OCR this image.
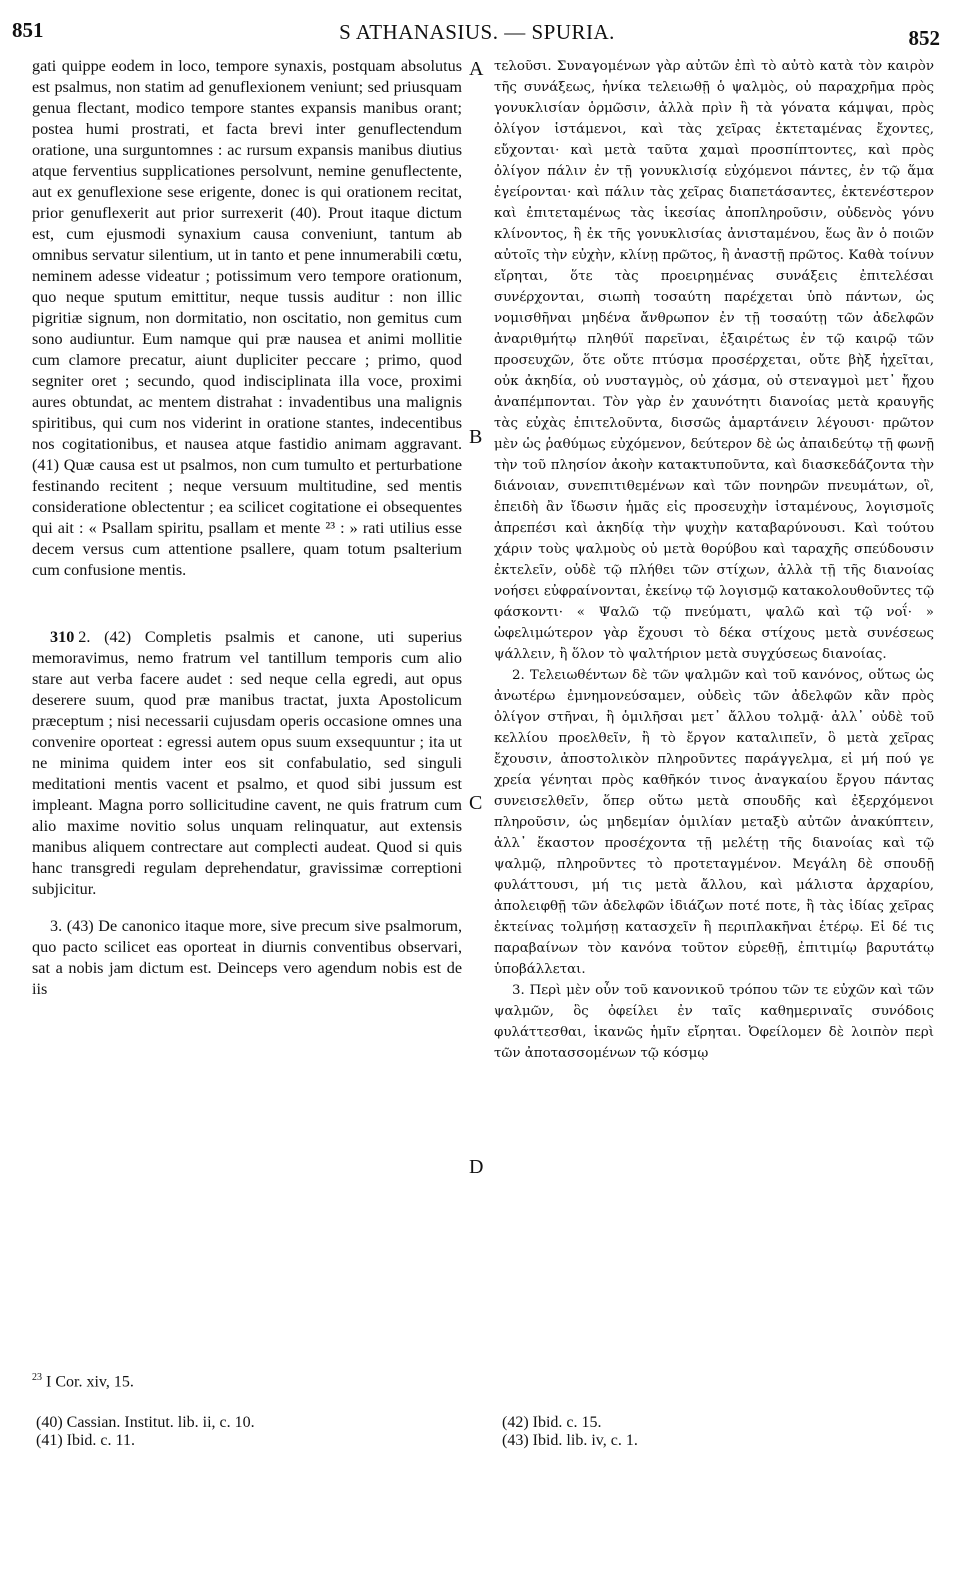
851	S ATHANASIUS. — SPURIA.	852
A
B
C
D

gati quippe eodem in loco, tempore synaxis, postquam absolutus est psalmus, non statim ad genuflexionem veniunt; sed priusquam genua flectant, modico tempore stantes expansis manibus orant; postea humi prostrati, et facta brevi inter genuflectendum oratione, una surguntomnes : ac rursum expansis manibus diutius atque ferventius supplicationes persolvunt, nemine genuflectente, aut ex genuflexione sese erigente, donec is qui orationem recitat, prior genuflexerit aut prior surrexerit (40). Prout itaque dictum est, cum ejusmodi synaxium causa conveniunt, tantum ab omnibus servatur silentium, ut in tanto et pene innumerabili cœtu, neminem adesse videatur ; potissimum vero tempore orationum, quo neque sputum emittitur, neque tussis auditur : non illic pigritiæ signum, non dormitatio, non oscitatio, non gemitus cum sono audiuntur. Eum namque qui præ nausea et animi mollitie cum clamore precatur, aiunt dupliciter peccare ; primo, quod segniter oret ; secundo, quod indisciplinata illa voce, proximi aures obtundat, ac mentem distrahat : invadentibus una malignis spiritibus, qui cum nos viderint in oratione stantes, indecentibus nos cogitationibus, et nausea atque fastidio animam aggravant. (41) Quæ causa est ut psalmos, non cum tumulto et perturbatione festinando recitent ; neque versuum multitudine, sed mentis consideratione oblectentur ; ea scilicet cogitatione ei obsequentes qui ait : « Psallam spiritu, psallam et mente ²³ : » rati utilius esse decem versus cum attentione psallere, quam totum psalterium cum confusione mentis.

310 2. (42) Completis psalmis et canone, uti superius memoravimus, nemo fratrum vel tantillum temporis cum alio stare aut verba facere audet : sed neque cella egredi, aut opus deserere suum, quod præ manibus tractat, juxta Apostolicum præceptum ; nisi necessarii cujusdam operis occasione omnes una convenire oporteat : egressi autem opus suum exsequuntur ; ita ut ne minima quidem inter eos sit confabulatio, sed singuli meditationi mentis vacent et psalmo, et quod sibi jussum est impleant. Magna porro sollicitudine cavent, ne quis fratrum cum alio maxime novitio solus unquam relinquatur, aut extensis manibus aliquem contrectare aut complecti audeat. Quod si quis hanc transgredi regulam deprehendatur, gravissimæ correptioni subjicitur.

3. (43) De canonico itaque more, sive precum sive psalmorum, quo pacto scilicet eas oporteat in diurnis conventibus observari, sat a nobis jam dictum est. Deinceps vero agendum nobis est de iis

τελοῦσι. Συναγομένων γὰρ αὐτῶν ἐπὶ τὸ αὐτὸ κατὰ τὸν καιρὸν τῆς συνάξεως, ἡνίκα τελειωθῇ ὁ ψαλμὸς, οὐ παραχρῆμα πρὸς γονυκλισίαν ὁρμῶσιν, ἀλλὰ πρὶν ἢ τὰ γόνατα κάμψαι, πρὸς ὀλίγον ἱστάμενοι, καὶ τὰς χεῖρας ἐκτεταμένας ἔχοντες, εὔχονται· καὶ μετὰ ταῦτα χαμαὶ προσπίπτοντες, καὶ πρὸς ὀλίγον πάλιν ἐν τῇ γονυκλισίᾳ εὐχόμενοι πάντες, ἐν τῷ ἅμα ἐγείρονται· καὶ πάλιν τὰς χεῖρας διαπετάσαντες, ἐκτενέστερον καὶ ἐπιτεταμένως τὰς ἱκεσίας ἀποπληροῦσιν, οὐδενὸς γόνυ κλίνοντος, ἢ ἐκ τῆς γονυκλισίας ἀνισταμένου, ἕως ἂν ὁ ποιῶν αὐτοῖς τὴν εὐχὴν, κλίνῃ πρῶτος, ἢ ἀναστῇ πρῶτος. Καθὰ τοίνυν εἴρηται, ὅτε τὰς προειρημένας συνάξεις ἐπιτελέσαι συνέρχονται, σιωπὴ τοσαύτη παρέχεται ὑπὸ πάντων, ὡς νομισθῆναι μηδένα ἄνθρωπον ἐν τῇ τοσαύτῃ τῶν ἀδελφῶν ἀναριθμήτῳ πληθύϊ παρεῖναι, ἐξαιρέτως ἐν τῷ καιρῷ τῶν προσευχῶν, ὅτε οὔτε πτύσμα προσέρχεται, οὔτε βὴξ ἠχεῖται, οὐκ ἀκηδία, οὐ νυσταγμὸς, οὐ χάσμα, οὐ στεναγμοὶ μετ᾽ ἤχου ἀναπέμπονται. Τὸν γὰρ ἐν χαυνότητι διανοίας μετὰ κραυγῆς τὰς εὐχὰς ἐπιτελοῦντα, δισσῶς ἁμαρτάνειν λέγουσι· πρῶτον μὲν ὡς ῥαθύμως εὐχόμενον, δεύτερον δὲ ὡς ἀπαιδεύτῳ τῇ φωνῇ τὴν τοῦ πλησίον ἀκοὴν κατακτυποῦντα, καὶ διασκεδάζοντα τὴν διάνοιαν, συνεπιτιθεμένων καὶ τῶν πονηρῶν πνευμάτων, οἳ, ἐπειδὴ ἂν ἴδωσιν ἡμᾶς εἰς προσευχὴν ἱσταμένους, λογισμοῖς ἀπρεπέσι καὶ ἀκηδίᾳ τὴν ψυχὴν καταβαρύνουσι. Καὶ τούτου χάριν τοὺς ψαλμοὺς οὐ μετὰ θορύβου καὶ ταραχῆς σπεύδουσιν ἐκτελεῖν, οὐδὲ τῷ πλήθει τῶν στίχων, ἀλλὰ τῇ τῆς διανοίας νοήσει εὐφραίνονται, ἐκείνῳ τῷ λογισμῷ κατακολουθοῦντες τῷ φάσκοντι· « Ψαλῶ τῷ πνεύματι, ψαλῶ καὶ τῷ νοΐ· » ὠφελιμώτερον γὰρ ἔχουσι τὸ δέκα στίχους μετὰ συνέσεως ψάλλειν, ἢ ὅλον τὸ ψαλτήριον μετὰ συγχύσεως διανοίας.

2. Τελειωθέντων δὲ τῶν ψαλμῶν καὶ τοῦ κανόνος, οὕτως ὡς ἀνωτέρω ἐμνημονεύσαμεν, οὐδεὶς τῶν ἀδελφῶν κἂν πρὸς ὀλίγον στῆναι, ἢ ὁμιλῆσαι μετ᾽ ἄλλου τολμᾷ· ἀλλ᾽ οὐδὲ τοῦ κελλίου προελθεῖν, ἢ τὸ ἔργον καταλιπεῖν, ὃ μετὰ χεῖρας ἔχουσιν, ἀποστολικὸν πληροῦντες παράγγελμα, εἰ μή πού γε χρεία γένηται πρὸς καθῆκόν τινος ἀναγκαίου ἔργου πάντας συνεισελθεῖν, ὅπερ οὕτω μετὰ σπουδῆς καὶ ἐξερχόμενοι πληροῦσιν, ὡς μηδεμίαν ὁμιλίαν μεταξὺ αὐτῶν ἀνακύπτειν, ἀλλ᾽ ἕκαστον προσέχοντα τῇ μελέτῃ τῆς διανοίας καὶ τῷ ψαλμῷ, πληροῦντες τὸ προτεταγμένον. Μεγάλη δὲ σπουδῇ φυλάττουσι, μή τις μετὰ ἄλλου, καὶ μάλιστα ἀρχαρίου, ἀπολειφθῇ τῶν ἀδελφῶν ἰδιάζων ποτέ ποτε, ἢ τὰς ἰδίας χεῖρας ἐκτείνας τολμήσῃ κατασχεῖν ἢ περιπλακῆναι ἑτέρῳ. Εἰ δέ τις παραβαίνων τὸν κανόνα τοῦτον εὑρεθῇ, ἐπιτιμίῳ βαρυτάτῳ ὑποβάλλεται.

3. Περὶ μὲν οὖν τοῦ κανονικοῦ τρόπου τῶν τε εὐχῶν καὶ τῶν ψαλμῶν, ὃς ὀφείλει ἐν ταῖς καθημεριναῖς συνόδοις φυλάττεσθαι, ἱκανῶς ἡμῖν εἴρηται. Ὀφείλομεν δὲ λοιπὸν περὶ τῶν ἀποτασσομένων τῷ κόσμῳ

$^{23}$ I Cor. xiv, 15.
(40) Cassian. Institut. lib. ii, c. 10.
(41) Ibid. c. 11.
(42) Ibid. c. 15.
(43) Ibid. lib. iv, c. 1.
